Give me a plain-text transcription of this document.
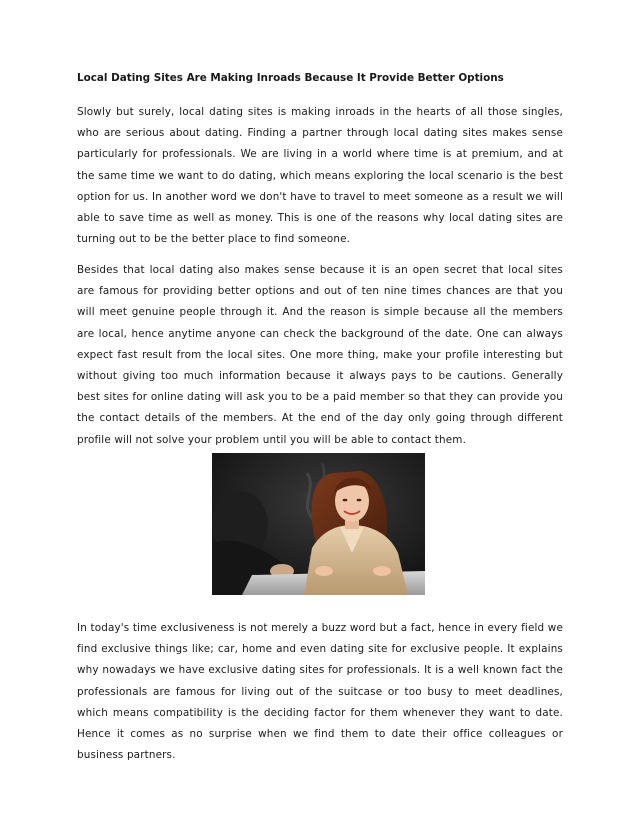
Local Dating Sites Are Making Inroads Because It Provide Better Options

Slowly but surely, local dating sites is making inroads in the hearts of all those singles, who are serious about dating. Finding a partner through local dating sites makes sense particularly for professionals. We are living in a world where time is at premium, and at the same time we want to do dating, which means exploring the local scenario is the best option for us. In another word we don't have to travel to meet someone as a result we will able to save time as well as money. This is one of the reasons why local dating sites are turning out to be the better place to find someone.

Besides that local dating also makes sense because it is an open secret that local sites are famous for providing better options and out of ten nine times chances are that you will meet genuine people through it. And the reason is simple because all the members are local, hence anytime anyone can check the background of the date. One can always expect fast result from the local sites. One more thing, make your profile interesting but without giving too much information because it always pays to be cautions. Generally best sites for online dating will ask you to be a paid member so that they can provide you the contact details of the members. At the end of the day only going through different profile will not solve your problem until you will be able to contact them.

In today's time exclusiveness is not merely a buzz word but a fact, hence in every field we find exclusive things like; car, home and even dating site for exclusive people. It explains why nowadays we have exclusive dating sites for professionals. It is a well known fact the professionals are famous for living out of the suitcase or too busy to meet deadlines, which means compatibility is the deciding factor for them whenever they want to date. Hence it comes as no surprise when we find them to date their office colleagues or business partners.
